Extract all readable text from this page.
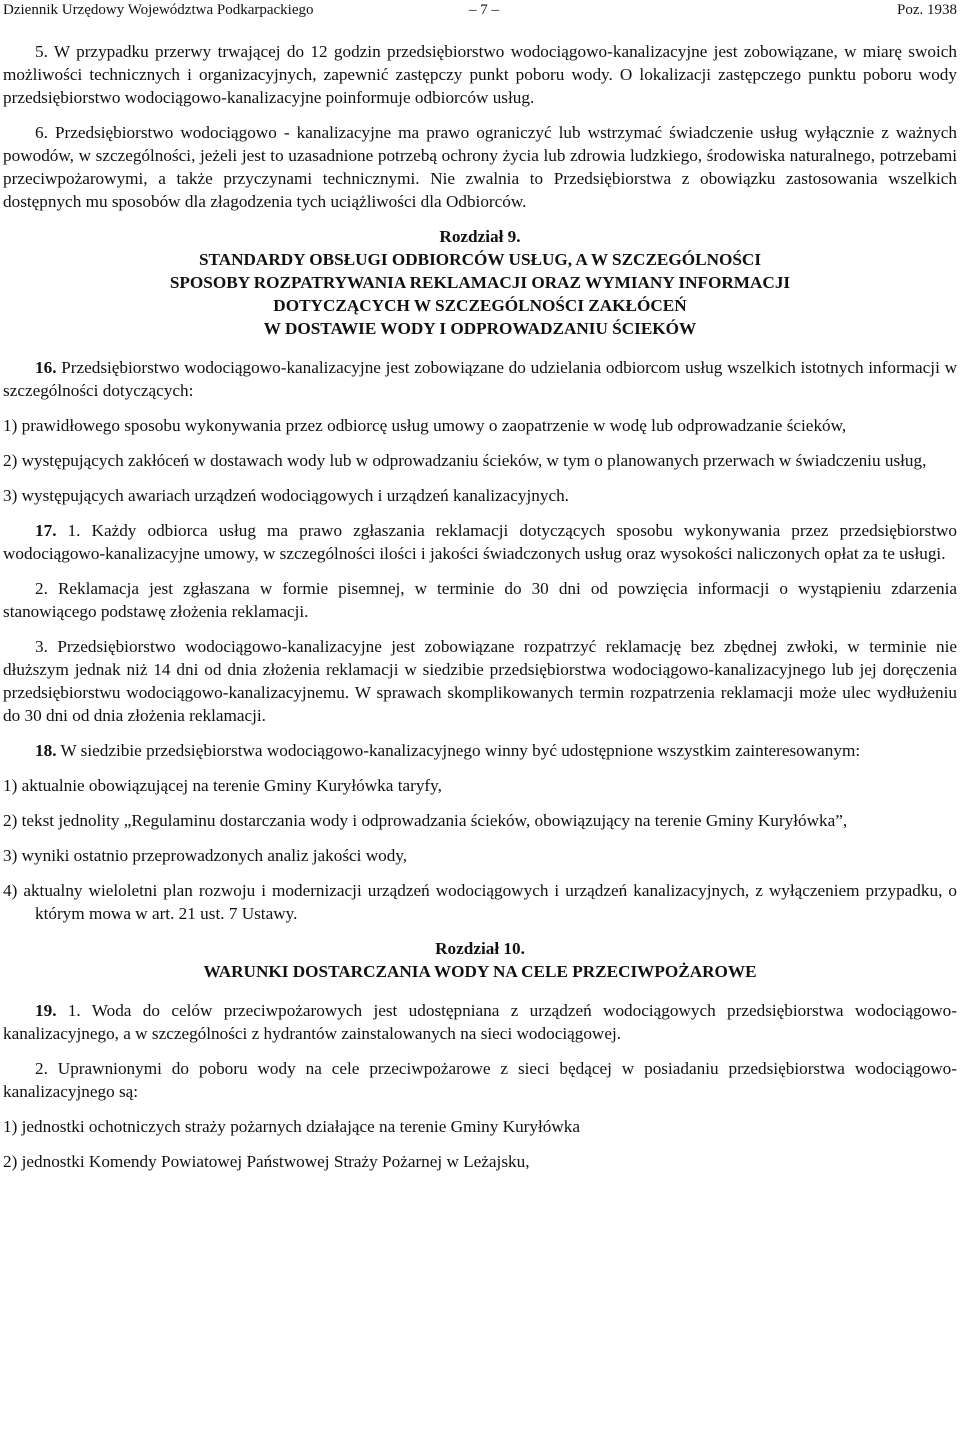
Dziennik Urzędowy Województwa Podkarpackiego	– 7 –	Poz. 1938

5. W przypadku przerwy trwającej do 12 godzin przedsiębiorstwo wodociągowo-kanalizacyjne jest zobowiązane, w miarę swoich możliwości technicznych i organizacyjnych, zapewnić zastępczy punkt poboru wody. O lokalizacji zastępczego punktu poboru wody przedsiębiorstwo wodociągowo-kanalizacyjne poinformuje odbiorców usług.

6. Przedsiębiorstwo wodociągowo - kanalizacyjne ma prawo ograniczyć lub wstrzymać świadczenie usług wyłącznie z ważnych powodów, w szczególności, jeżeli jest to uzasadnione potrzebą ochrony życia lub zdrowia ludzkiego, środowiska naturalnego, potrzebami przeciwpożarowymi, a także przyczynami technicznymi. Nie zwalnia to Przedsiębiorstwa z obowiązku zastosowania wszelkich dostępnych mu sposobów dla złagodzenia tych uciążliwości dla Odbiorców.

Rozdział 9.

STANDARDY OBSŁUGI ODBIORCÓW USŁUG, A W SZCZEGÓLNOŚCI

SPOSOBY ROZPATRYWANIA REKLAMACJI ORAZ WYMIANY INFORMACJI

DOTYCZĄCYCH W SZCZEGÓLNOŚCI ZAKŁÓCEŃ

W DOSTAWIE WODY I ODPROWADZANIU ŚCIEKÓW

16. Przedsiębiorstwo wodociągowo-kanalizacyjne jest zobowiązane do udzielania odbiorcom usług wszelkich istotnych informacji w szczególności dotyczących:

1) prawidłowego sposobu wykonywania przez odbiorcę usług umowy o zaopatrzenie w wodę lub odprowadzanie ścieków,

2) występujących zakłóceń w dostawach wody lub w odprowadzaniu ścieków, w tym o planowanych przerwach w świadczeniu usług,

3) występujących awariach urządzeń wodociągowych i urządzeń kanalizacyjnych.

17. 1. Każdy odbiorca usług ma prawo zgłaszania reklamacji dotyczących sposobu wykonywania przez przedsiębiorstwo wodociągowo-kanalizacyjne umowy, w szczególności ilości i jakości świadczonych usług oraz wysokości naliczonych opłat za te usługi.

2. Reklamacja jest zgłaszana w formie pisemnej, w terminie do 30 dni od powzięcia informacji o wystąpieniu zdarzenia stanowiącego podstawę złożenia reklamacji.

3. Przedsiębiorstwo wodociągowo-kanalizacyjne jest zobowiązane rozpatrzyć reklamację bez zbędnej zwłoki, w terminie nie dłuższym jednak niż 14 dni od dnia złożenia reklamacji w siedzibie przedsiębiorstwa wodociągowo-kanalizacyjnego lub jej doręczenia przedsiębiorstwu wodociągowo-kanalizacyjnemu. W sprawach skomplikowanych termin rozpatrzenia reklamacji może ulec wydłużeniu do 30 dni od dnia złożenia reklamacji.

18. W siedzibie przedsiębiorstwa wodociągowo-kanalizacyjnego winny być udostępnione wszystkim zainteresowanym:

1) aktualnie obowiązującej na terenie Gminy Kuryłówka taryfy,

2) tekst jednolity „Regulaminu dostarczania wody i odprowadzania ścieków, obowiązujący na terenie Gminy Kuryłówka”,

3) wyniki ostatnio przeprowadzonych analiz jakości wody,

4) aktualny wieloletni plan rozwoju i modernizacji urządzeń wodociągowych i urządzeń kanalizacyjnych, z wyłączeniem przypadku, o którym mowa w art. 21 ust. 7 Ustawy.

Rozdział 10.

WARUNKI DOSTARCZANIA WODY NA CELE PRZECIWPOŻAROWE

19. 1. Woda do celów przeciwpożarowych jest udostępniana z urządzeń wodociągowych przedsiębiorstwa wodociągowo-kanalizacyjnego, a w szczególności z hydrantów zainstalowanych na sieci wodociągowej.

2. Uprawnionymi do poboru wody na cele przeciwpożarowe z sieci będącej w posiadaniu przedsiębiorstwa wodociągowo-kanalizacyjnego są:

1) jednostki ochotniczych straży pożarnych działające na terenie Gminy Kuryłówka

2) jednostki Komendy Powiatowej Państwowej Straży Pożarnej w Leżajsku,
